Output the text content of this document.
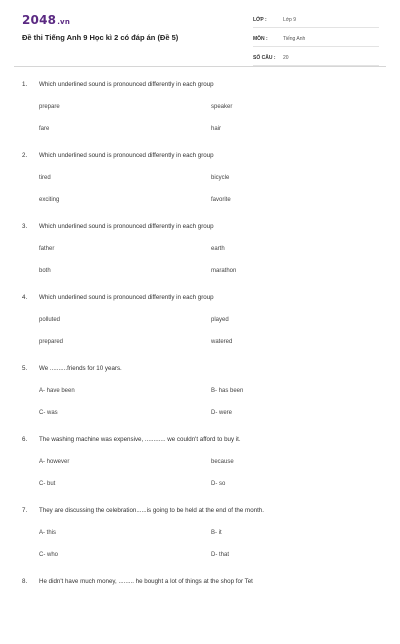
2048.vn
Đề thi Tiếng Anh 9 Học kì 2 có đáp án (Đề 5)
LỚP :	Lớp 9
MÔN :	Tiếng Anh
SỐ CÂU :	20
1. Which underlined sound is pronounced differently in each group
prepare	speaker
fare	hair
2. Which underlined sound is pronounced differently in each group
tired	bicycle
exciting	favorite
3. Which underlined sound is pronounced differently in each group
father	earth
both	marathon
4. Which underlined sound is pronounced differently in each group
polluted	played
prepared	watered
5. We ..........friends for 10 years.
A- have been	B- has been
C- was	D- were
6. The washing machine was expensive, ............ we couldn't afford to buy it.
A- however	because
C- but	D- so
7. They are discussing the celebration......is going to be held at the end of the month.
A- this	B- it
C- who	D- that
8. He didn't have much money, ......... he bought a lot of things at the shop for Tet
